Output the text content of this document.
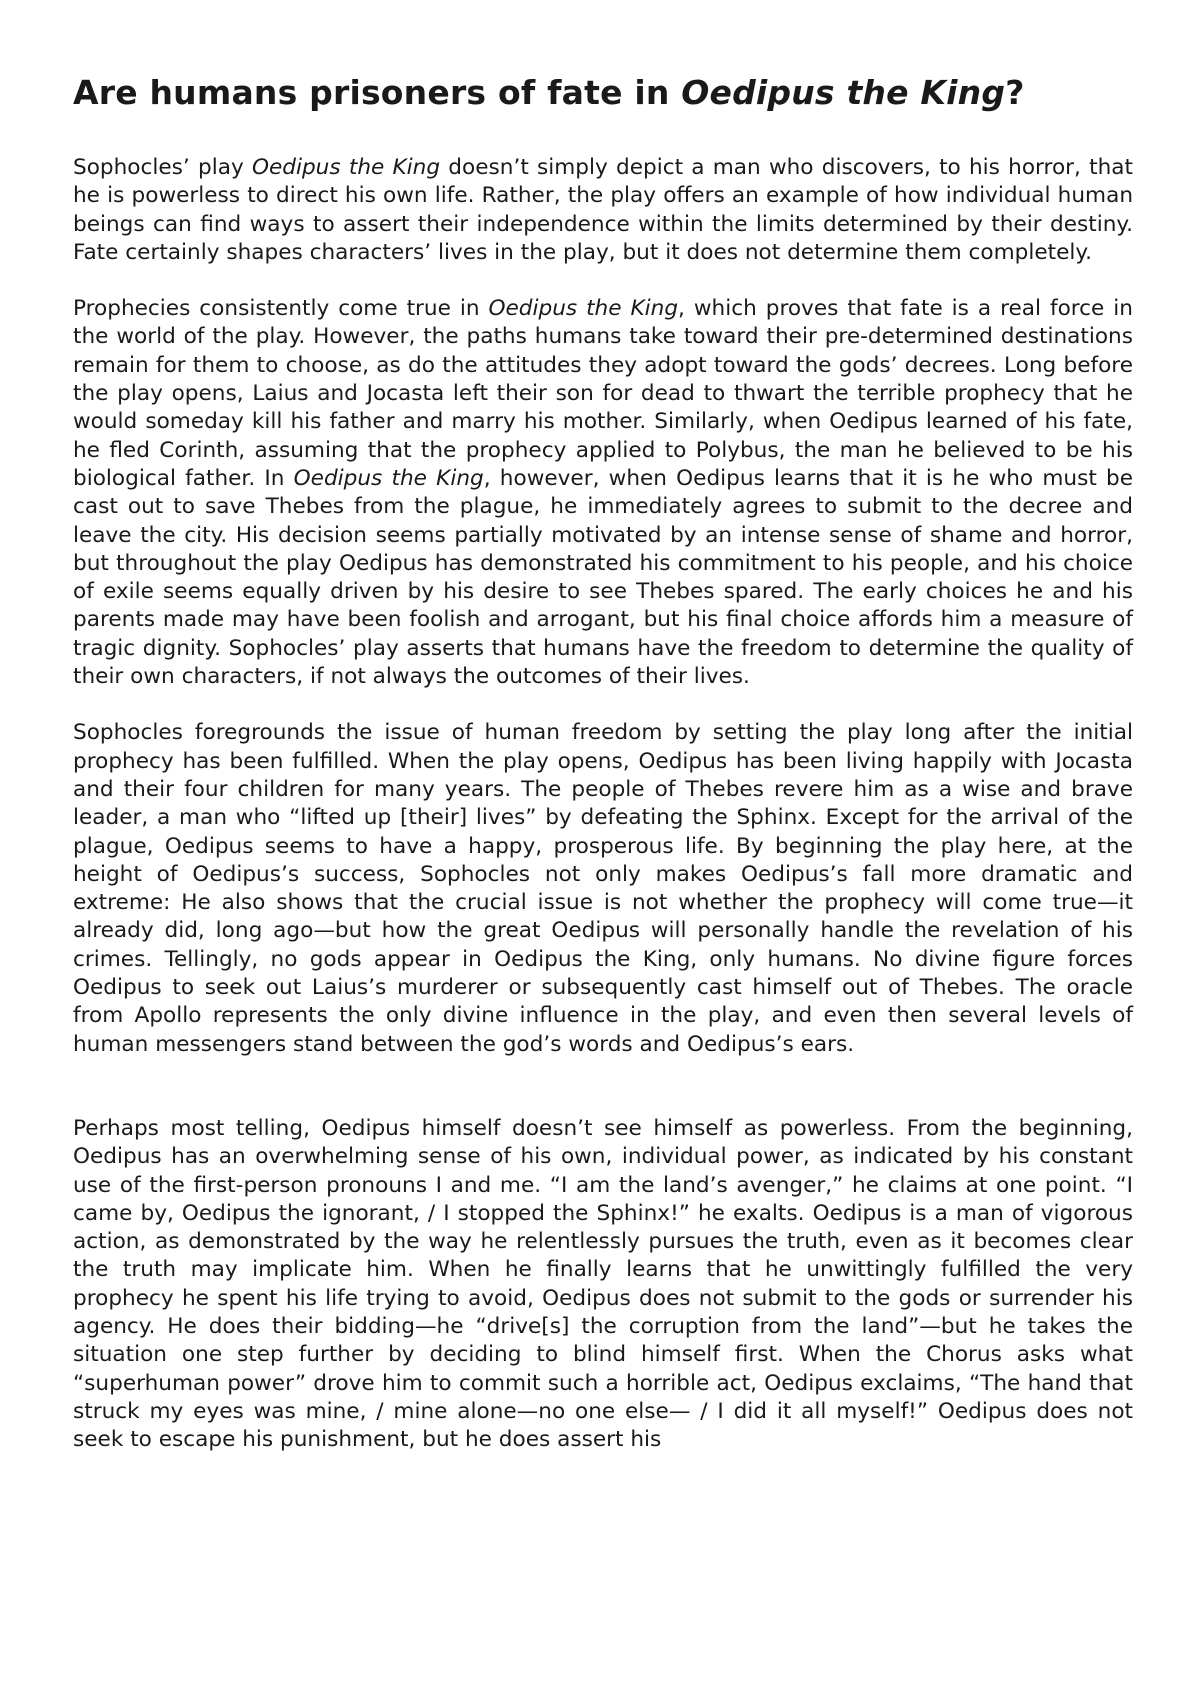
Are humans prisoners of fate in Oedipus the King?

Sophocles’ play Oedipus the King doesn’t simply depict a man who discovers, to his horror, that he is powerless to direct his own life. Rather, the play offers an example of how individual human beings can find ways to assert their independence within the limits determined by their destiny. Fate certainly shapes characters’ lives in the play, but it does not determine them completely.

Prophecies consistently come true in Oedipus the King, which proves that fate is a real force in the world of the play. However, the paths humans take toward their pre-determined destinations remain for them to choose, as do the attitudes they adopt toward the gods’ decrees. Long before the play opens, Laius and Jocasta left their son for dead to thwart the terrible prophecy that he would someday kill his father and marry his mother. Similarly, when Oedipus learned of his fate, he fled Corinth, assuming that the prophecy applied to Polybus, the man he believed to be his biological father. In Oedipus the King, however, when Oedipus learns that it is he who must be cast out to save Thebes from the plague, he immediately agrees to submit to the decree and leave the city. His decision seems partially motivated by an intense sense of shame and horror, but throughout the play Oedipus has demonstrated his commitment to his people, and his choice of exile seems equally driven by his desire to see Thebes spared. The early choices he and his parents made may have been foolish and arrogant, but his final choice affords him a measure of tragic dignity. Sophocles’ play asserts that humans have the freedom to determine the quality of their own characters, if not always the outcomes of their lives.

Sophocles foregrounds the issue of human freedom by setting the play long after the initial prophecy has been fulfilled. When the play opens, Oedipus has been living happily with Jocasta and their four children for many years. The people of Thebes revere him as a wise and brave leader, a man who “lifted up [their] lives” by defeating the Sphinx. Except for the arrival of the plague, Oedipus seems to have a happy, prosperous life. By beginning the play here, at the height of Oedipus’s success, Sophocles not only makes Oedipus’s fall more dramatic and extreme: He also shows that the crucial issue is not whether the prophecy will come true—it already did, long ago—but how the great Oedipus will personally handle the revelation of his crimes. Tellingly, no gods appear in Oedipus the King, only humans. No divine figure forces Oedipus to seek out Laius’s murderer or subsequently cast himself out of Thebes. The oracle from Apollo represents the only divine influence in the play, and even then several levels of human messengers stand between the god’s words and Oedipus’s ears.

Perhaps most telling, Oedipus himself doesn’t see himself as powerless. From the beginning, Oedipus has an overwhelming sense of his own, individual power, as indicated by his constant use of the first-person pronouns I and me. “I am the land’s avenger,” he claims at one point. “I came by, Oedipus the ignorant, / I stopped the Sphinx!” he exalts. Oedipus is a man of vigorous action, as demonstrated by the way he relentlessly pursues the truth, even as it becomes clear the truth may implicate him. When he finally learns that he unwittingly fulfilled the very prophecy he spent his life trying to avoid, Oedipus does not submit to the gods or surrender his agency. He does their bidding—he “drive[s] the corruption from the land”—but he takes the situation one step further by deciding to blind himself first. When the Chorus asks what “superhuman power” drove him to commit such a horrible act, Oedipus exclaims, “The hand that struck my eyes was mine, / mine alone—no one else— / I did it all myself!” Oedipus does not seek to escape his punishment, but he does assert his
